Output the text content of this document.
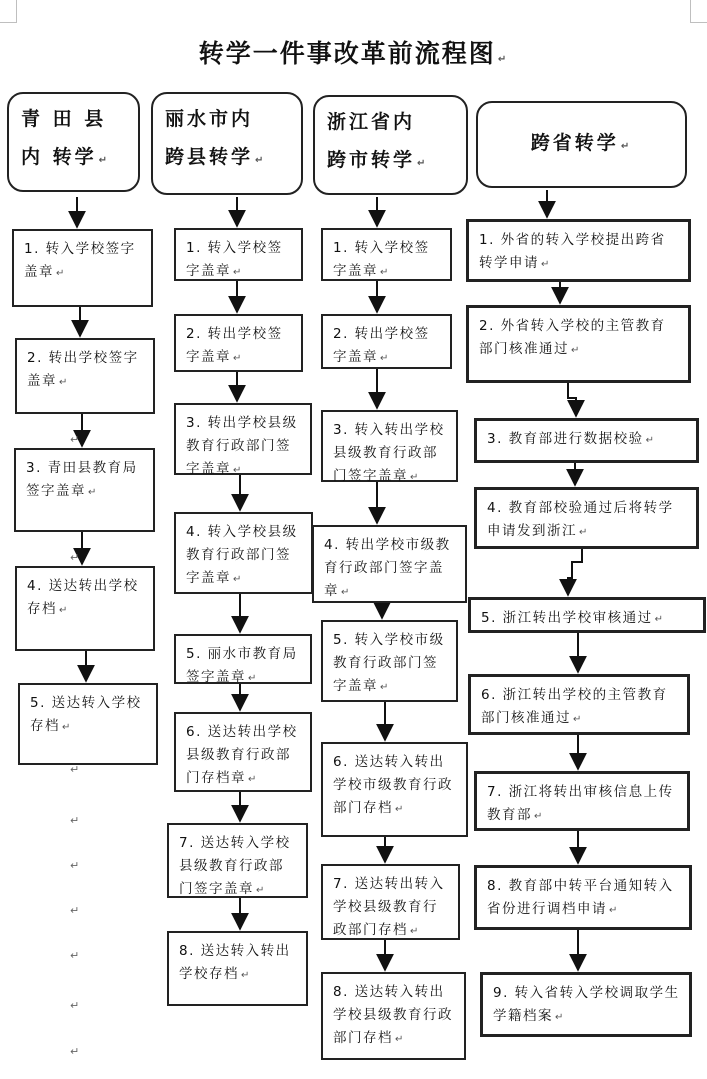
转学一件事改革前流程图 ↵
青 田 县
内 转学 ↵
1. 转入学校签字盖章 ↵
2. 转出学校签字盖章 ↵
3. 青田县教育局签字盖章 ↵
4. 送达转出学校存档 ↵
5. 送达转入学校存档 ↵
丽水市内
跨县转学 ↵
1. 转入学校签字盖章 ↵
2. 转出学校签字盖章 ↵
3. 转出学校县级教育行政部门签字盖章 ↵
4. 转入学校县级教育行政部门签字盖章 ↵
5. 丽水市教育局签字盖章 ↵
6. 送达转出学校县级教育行政部门存档章 ↵
7. 送达转入学校县级教育行政部门签字盖章 ↵
8. 送达转入转出学校存档 ↵
浙江省内
跨市转学 ↵
1. 转入学校签字盖章 ↵
2. 转出学校签字盖章 ↵
3. 转入转出学校县级教育行政部门签字盖章 ↵
4. 转出学校市级教育行政部门签字盖章 ↵
5. 转入学校市级教育行政部门签字盖章 ↵
6. 送达转入转出学校市级教育行政部门存档 ↵
7. 送达转出转入学校县级教育行政部门存档 ↵
8. 送达转入转出学校县级教育行政部门存档 ↵
跨省转学 ↵
1. 外省的转入学校提出跨省转学申请 ↵
2. 外省转入学校的主管教育部门核准通过 ↵
3. 教育部进行数据校验 ↵
4. 教育部校验通过后将转学申请发到浙江 ↵
5. 浙江转出学校审核通过 ↵
6. 浙江转出学校的主管教育部门核准通过 ↵
7. 浙江将转出审核信息上传教育部 ↵
8. 教育部中转平台通知转入省份进行调档申请 ↵
9. 转入省转入学校调取学生学籍档案 ↵
↵
↵
↵
↵
↵
↵
↵
↵
↵
